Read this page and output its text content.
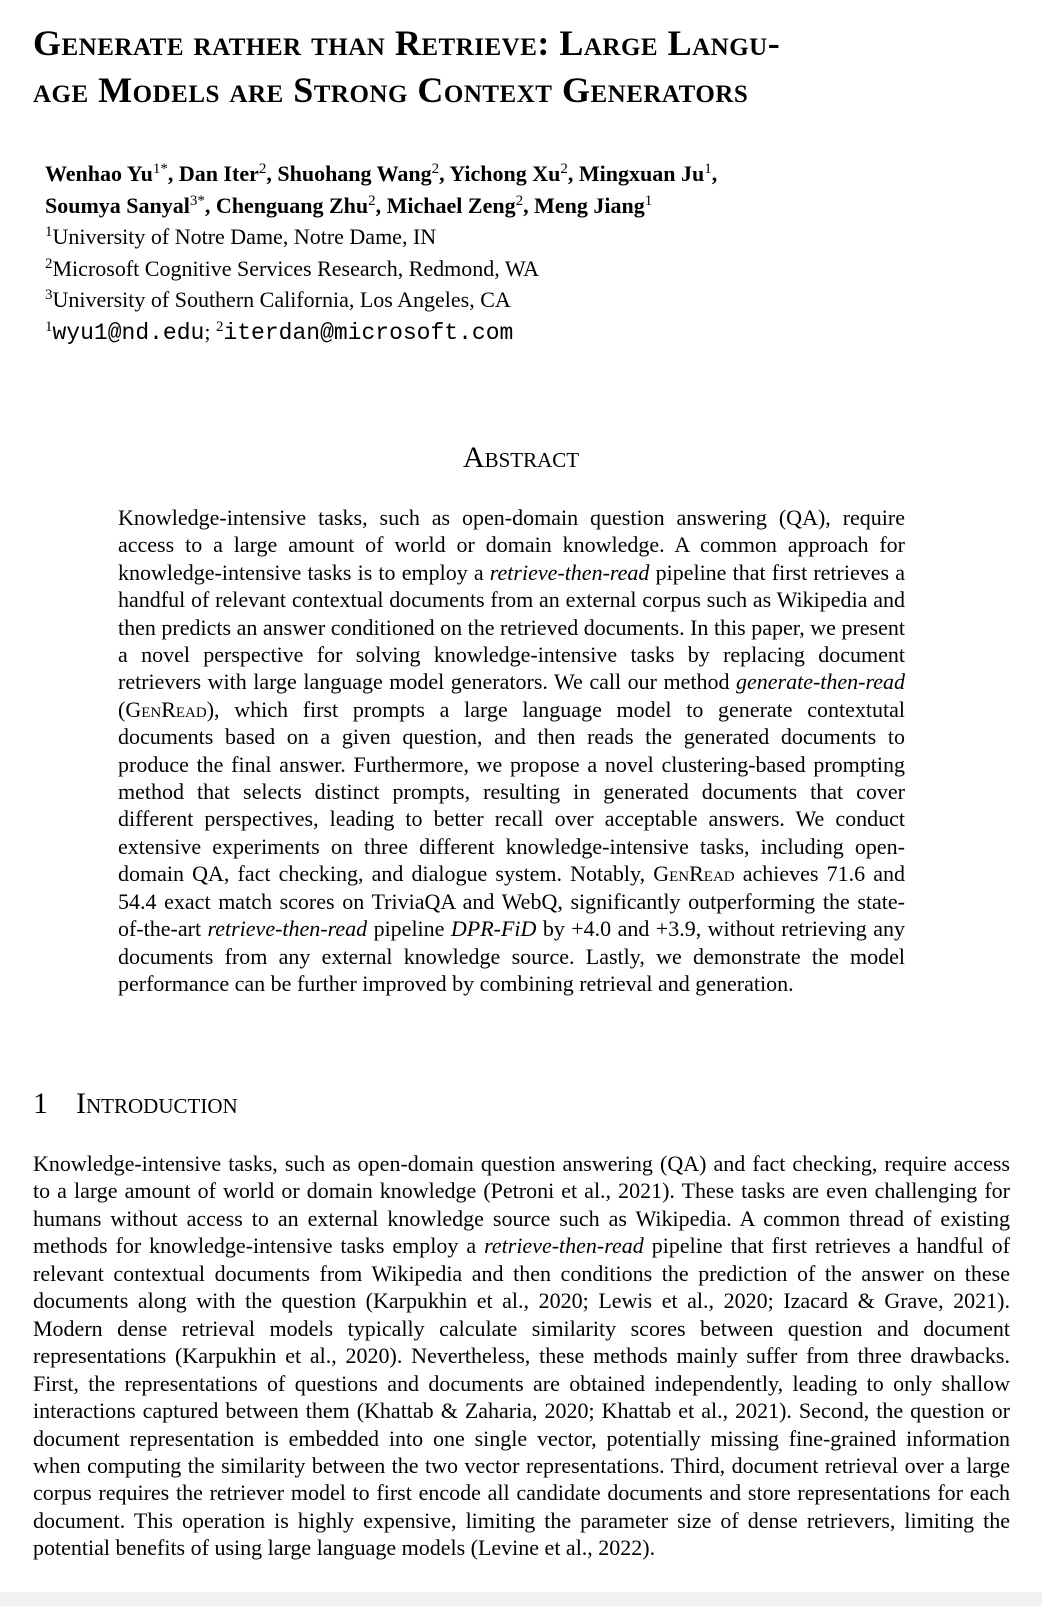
Generate rather than Retrieve: Large Langu-
age Models are Strong Context Generators
Wenhao $Yu^{1*}$, Dan Iter$^2$, Shuohang Wang$^2$, Yichong Xu$^2$, Mingxuan Ju$^1$,
Soumya Sanyal$^{3*}$, Chenguang Zhu$^2$, Michael Zeng$^2$, Meng Jiang$^1$
$^1$University of Notre Dame, Notre Dame, IN
$^2$Microsoft Cognitive Services Research, Redmond, WA
$^3$University of Southern California, Los Angeles, CA
$^1$wyu1@nd.edu; $^2$iterdan@microsoft.com
Abstract

Knowledge-intensive tasks, such as open-domain question answering (QA), require access to a large amount of world or domain knowledge. A common approach for knowledge-intensive tasks is to employ a retrieve-then-read pipeline that first retrieves a handful of relevant contextual documents from an external corpus such as Wikipedia and then predicts an answer conditioned on the retrieved documents. In this paper, we present a novel perspective for solving knowledge-intensive tasks by replacing document retrievers with large language model generators. We call our method generate-then-read (GenRead), which first prompts a large language model to generate contextutal documents based on a given question, and then reads the generated documents to produce the final answer. Furthermore, we propose a novel clustering-based prompting method that selects distinct prompts, resulting in generated documents that cover different perspectives, leading to better recall over acceptable answers. We conduct extensive experiments on three different knowledge-intensive tasks, including open-domain QA, fact checking, and dialogue system. Notably, GenRead achieves 71.6 and 54.4 exact match scores on TriviaQA and WebQ, significantly outperforming the state-of-the-art retrieve-then-read pipeline DPR-FiD by +4.0 and +3.9, without retrieving any documents from any external knowledge source. Lastly, we demonstrate the model performance can be further improved by combining retrieval and generation.

1 Introduction

Knowledge-intensive tasks, such as open-domain question answering (QA) and fact checking, require access to a large amount of world or domain knowledge (Petroni et al., 2021). These tasks are even challenging for humans without access to an external knowledge source such as Wikipedia. A common thread of existing methods for knowledge-intensive tasks employ a retrieve-then-read pipeline that first retrieves a handful of relevant contextual documents from Wikipedia and then conditions the prediction of the answer on these documents along with the question (Karpukhin et al., 2020; Lewis et al., 2020; Izacard & Grave, 2021). Modern dense retrieval models typically calculate similarity scores between question and document representations (Karpukhin et al., 2020). Nevertheless, these methods mainly suffer from three drawbacks. First, the representations of questions and documents are obtained independently, leading to only shallow interactions captured between them (Khattab & Zaharia, 2020; Khattab et al., 2021). Second, the question or document representation is embedded into one single vector, potentially missing fine-grained information when computing the similarity between the two vector representations. Third, document retrieval over a large corpus requires the retriever model to first encode all candidate documents and store representations for each document. This operation is highly expensive, limiting the parameter size of dense retrievers, limiting the potential benefits of using large language models (Levine et al., 2022).
